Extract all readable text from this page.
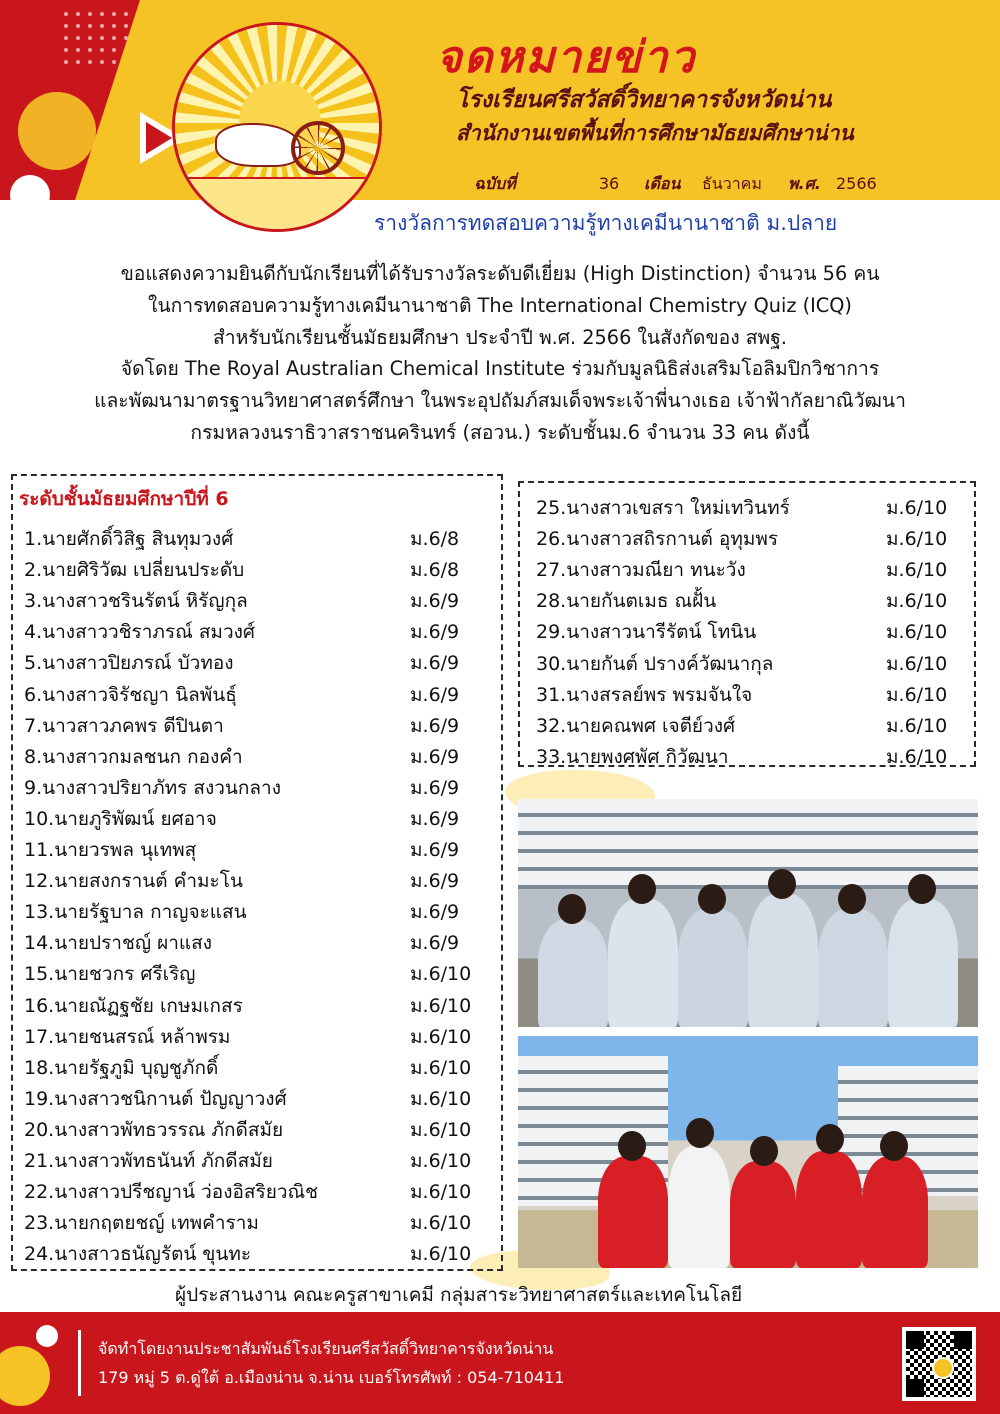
จดหมายข่าว
โรงเรียนศรีสวัสดิ์วิทยาคารจังหวัดน่าน
สำนักงานเขตพื้นที่การศึกษามัธยมศึกษาน่าน
ฉบับที่	36 เดือน ธันวาคม พ.ศ. 2566
รางวัลการทดสอบความรู้ทางเคมีนานาชาติ ม.ปลาย
ขอแสดงความยินดีกับนักเรียนที่ได้รับรางวัลระดับดีเยี่ยม (High Distinction) จำนวน 56 คน
ในการทดสอบความรู้ทางเคมีนานาชาติ The International Chemistry Quiz (ICQ)
สำหรับนักเรียนชั้นมัธยมศึกษา ประจำปี พ.ศ. 2566 ในสังกัดของ สพฐ.
จัดโดย The Royal Australian Chemical Institute ร่วมกับมูลนิธิส่งเสริมโอลิมปิกวิชาการ
และพัฒนามาตรฐานวิทยาศาสตร์ศึกษา ในพระอุปถัมภ์สมเด็จพระเจ้าพี่นางเธอ เจ้าฟ้ากัลยาณิวัฒนา
กรมหลวงนราธิวาสราชนครินทร์ (สอวน.) ระดับชั้นม.6 จำนวน 33 คน ดังนี้
ระดับชั้นมัธยมศึกษาปีที่ 6
1.นายศักดิ์วิสิฐ สินทุมวงศ์	ม.6/8
2.นายศิริวัฒ เปลี่ยนประดับ	ม.6/8
3.นางสาวชรินรัตน์ หิรัญกุล	ม.6/9
4.นางสาววชิราภรณ์ สมวงศ์	ม.6/9
5.นางสาวปิยภรณ์ บัวทอง	ม.6/9
6.นางสาวจิรัชญา นิลพันธุ์	ม.6/9
7.นาวสาวภคพร ดีปินตา	ม.6/9
8.นางสาวกมลชนก กองคำ	ม.6/9
9.นางสาวปริยาภัทร สงวนกลาง	ม.6/9
10.นายภูริพัฒน์ ยศอาจ	ม.6/9
11.นายวรพล นุเทพสุ	ม.6/9
12.นายสงกรานต์ คำมะโน	ม.6/9
13.นายรัฐบาล กาญจะแสน	ม.6/9
14.นายปราชญ์ ผาแสง	ม.6/9
15.นายชวกร ศรีเริญ	ม.6/10
16.นายณัฏฐชัย เกษมเกสร	ม.6/10
17.นายชนสรณ์ หล้าพรม	ม.6/10
18.นายรัฐภูมิ บุญชูภักดิ์	ม.6/10
19.นางสาวชนิกานต์ ปัญญาวงศ์	ม.6/10
20.นางสาวพัทธวรรณ ภักดีสมัย	ม.6/10
21.นางสาวพัทธนันท์ ภักดีสมัย	ม.6/10
22.นางสาวปรีชญาน์ ว่องอิสริยวณิช	ม.6/10
23.นายกฤตยชญ์ เทพคำราม	ม.6/10
24.นางสาวธนัญรัตน์ ขุนทะ	ม.6/10
25.นางสาวเขสรา ใหม่เทวินทร์	ม.6/10
26.นางสาวสถิรกานต์ อุทุมพร	ม.6/10
27.นางสาวมณียา ทนะวัง	ม.6/10
28.นายกันตเมธ ณฝั้น	ม.6/10
29.นางสาวนารีรัตน์ โทนิน	ม.6/10
30.นายกันต์ ปรางค์วัฒนากุล	ม.6/10
31.นางสรลย์พร พรมจันใจ	ม.6/10
32.นายคณพศ เจตีย์วงศ์	ม.6/10
33.นายพงศพัศ กิวัฒนา	ม.6/10
ผู้ประสานงาน คณะครูสาขาเคมี กลุ่มสาระวิทยาศาสตร์และเทคโนโลยี
จัดทำโดยงานประชาสัมพันธ์โรงเรียนศรีสวัสดิ์วิทยาคารจังหวัดน่าน
179 หมู่ 5 ต.ดู่ใต้ อ.เมืองน่าน จ.น่าน เบอร์โทรศัพท์ : 054-710411
